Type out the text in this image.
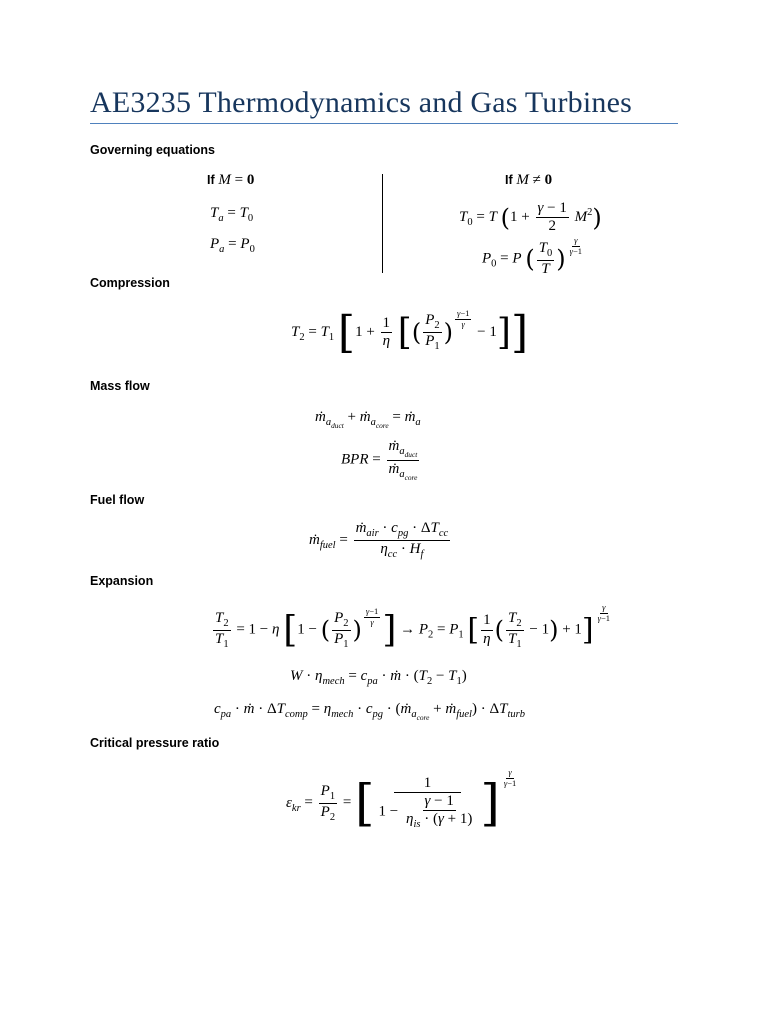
AE3235 Thermodynamics and Gas Turbines
Governing equations
If M = 0
$T_a = T_0$
$P_a = P_0$
If M ≠ 0
$T_0 = T$ $(1 + \frac{\gamma - 1}{2} M^2)$
$P_0 = P$ ( $\frac{T_0}{T}$ ) $^{\frac{\gamma}{\gamma-1}}$
Compression
$T_2 = T_1$ [$1 + \frac{1}{\eta}$ [( $\frac{P_2}{P_1}$ ) $^{\frac{\gamma-1}{\gamma}}$
− 1]]
Mass flow
ṁ$_{a_{duct}}$ + ṁ$_{a_{core}}$ = ṁ$_a$
BPR = $\frac{ṁ_{a_{duct}}}{ṁ_{a_{core}}}$
Fuel flow
ṁ$_{fuel}$ = $\frac{ṁ_{air} \cdot c_{pg} \cdot \Delta T_{cc}}{\eta_{cc} \cdot H_f}$
Expansion
$\frac{T_2}{T_1} = 1 - \eta$ [1 − ( $\frac{P_2}{P_1}$ ) $^{\frac{\gamma-1}{\gamma}}$ ] → $P_2 = P_1$ [ $\frac{1}{\eta}$ ( $\frac{T_2}{T_1} - 1) + 1$] $^{\frac{\gamma}{\gamma-1}}$
$W \cdot \eta_{mech} = c_{pa}$ · ṁ · $(T_2 - T_1)$
$c_{pa}$ · ṁ · $\Delta T_{comp} = \eta_{mech} \cdot c_{pg}$ · (ṁ$_{a_{core}}$ + ṁ$_{fuel}$) · $\Delta T_{turb}$
Critical pressure ratio
$\varepsilon_{kr} = \frac{P_1}{P_2}$ = [ $\frac{1}{1 - \frac{\gamma - 1}{\eta_{is} \cdot (\gamma + 1)}}$ ] $^{\frac{\gamma}{\gamma-1}}$
